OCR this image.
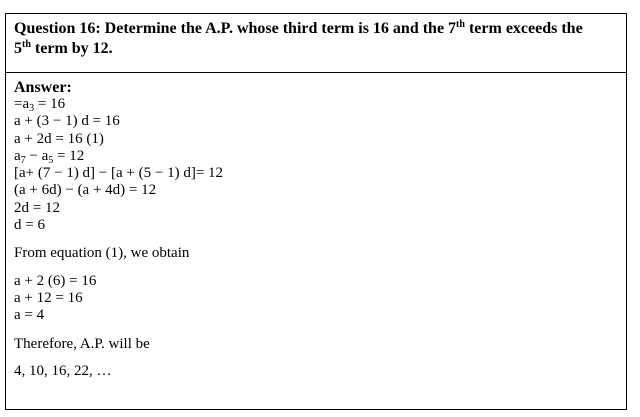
Question 16: Determine the A.P. whose third term is 16 and the 7th term exceeds the
5th term by 12.
Answer:
$=a_3 = 16$
a + (3 − 1) d = 16
a + 2d = 16 (1)
$a_7 - a_5 = 12$
[a+ (7 − 1) d] − [a + (5 − 1) d]= 12
(a + 6d) − (a + 4d) = 12
2d = 12
d = 6
From equation (1), we obtain
a + 2 (6) = 16
a + 12 = 16
a = 4
Therefore, A.P. will be
4, 10, 16, 22, …
